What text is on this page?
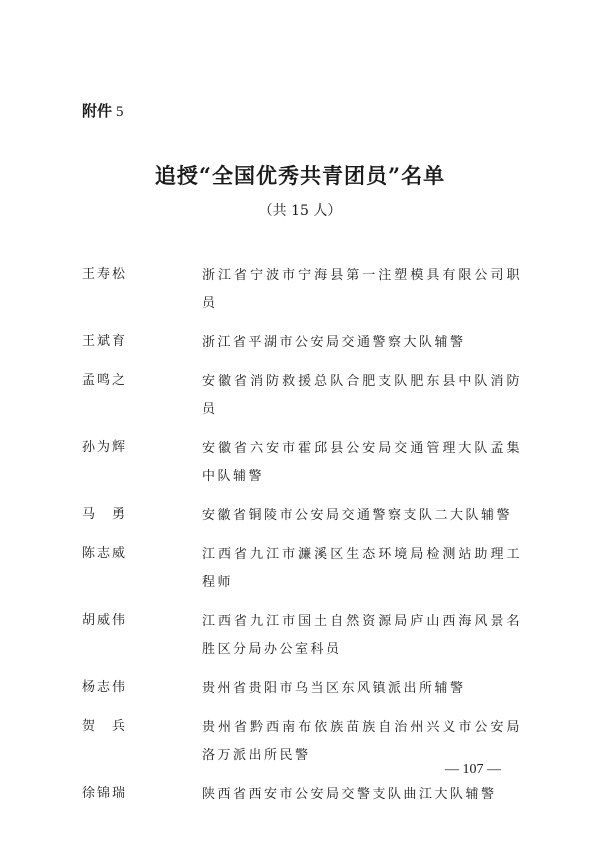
附件 5
追授“全国优秀共青团员”名单
（共 15 人）
王寿松	浙江省宁波市宁海县第一注塑模具有限公司职员
王斌育	浙江省平湖市公安局交通警察大队辅警
孟鸣之	安徽省消防救援总队合肥支队肥东县中队消防员
孙为辉	安徽省六安市霍邱县公安局交通管理大队孟集中队辅警
马　勇	安徽省铜陵市公安局交通警察支队二大队辅警
陈志威	江西省九江市濂溪区生态环境局检测站助理工程师
胡威伟	江西省九江市国土自然资源局庐山西海风景名胜区分局办公室科员
杨志伟	贵州省贵阳市乌当区东风镇派出所辅警
贺　兵	贵州省黔西南布依族苗族自治州兴义市公安局洛万派出所民警
徐锦瑞	陕西省西安市公安局交警支队曲江大队辅警
— 107 —
